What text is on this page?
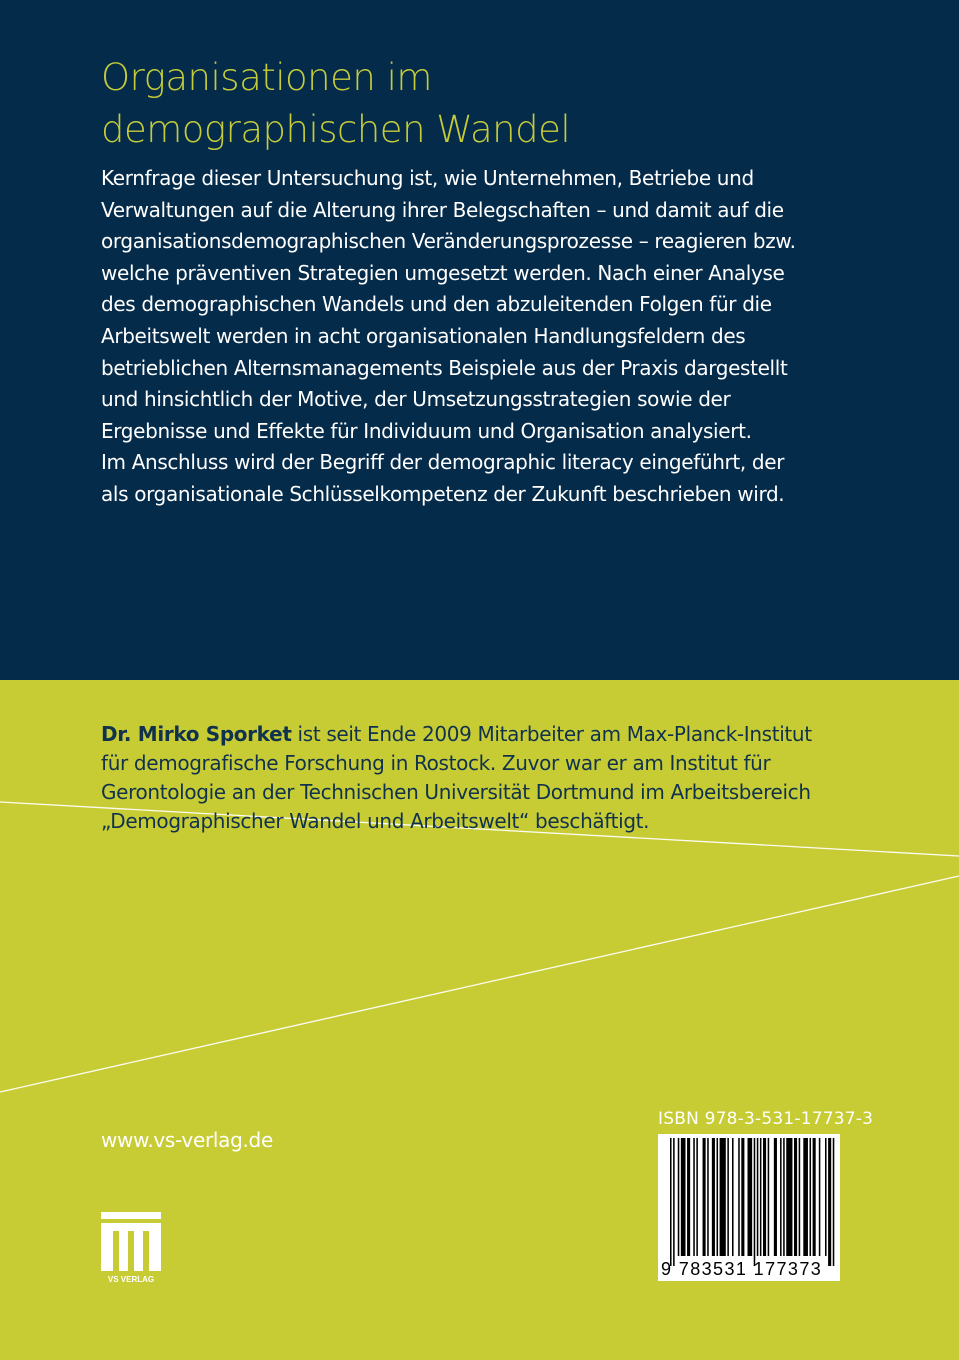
Organisationen im
demographischen Wandel
Kernfrage dieser Untersuchung ist, wie Unternehmen, Betriebe und
Verwaltungen auf die Alterung ihrer Belegschaften – und damit auf die
organisationsdemographischen Veränderungsprozesse – reagieren bzw.
welche präventiven Strategien umgesetzt werden. Nach einer Analyse
des demographischen Wandels und den abzuleitenden Folgen für die
Arbeitswelt werden in acht organisationalen Handlungsfeldern des
betrieblichen Alternsmanagements Beispiele aus der Praxis dargestellt
und hinsichtlich der Motive, der Umsetzungsstrategien sowie der
Ergebnisse und Effekte für Individuum und Organisation analysiert.
Im Anschluss wird der Begriff der demographic literacy eingeführt, der
als organisationale Schlüsselkompetenz der Zukunft beschrieben wird.
Dr. Mirko Sporket ist seit Ende 2009 Mitarbeiter am Max-Planck-Institut
für demografische Forschung in Rostock. Zuvor war er am Institut für
Gerontologie an der Technischen Universität Dortmund im Arbeitsbereich
„Demographischer Wandel und Arbeitswelt“ beschäftigt.
www.vs-verlag.de
VS VERLAG
ISBN 978-3-531-17737-3
9 783531 177373
